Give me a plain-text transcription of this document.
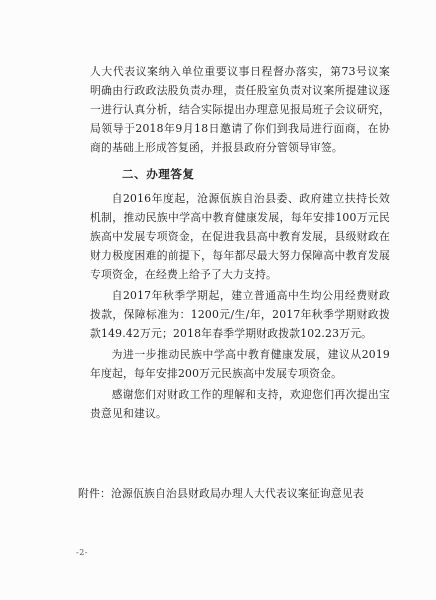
人大代表议案纳入单位重要议事日程督办落实，第73号议案明确由行政政法股负责办理，责任股室负责对议案所提建议逐一进行认真分析，结合实际提出办理意见报局班子会议研究，局领导于2018年9月18日邀请了你们到我局进行面商，在协商的基础上形成答复函，并报县政府分管领导审签。

二、办理答复

自2016年度起，沧源佤族自治县委、政府建立扶持长效机制，推动民族中学高中教育健康发展，每年安排100万元民族高中发展专项资金，在促进我县高中教育发展，县级财政在财力极度困难的前提下，每年都尽最大努力保障高中教育发展专项资金，在经费上给予了大力支持。

自2017年秋季学期起，建立普通高中生均公用经费财政拨款，保障标准为：1200元/生/年，2017年秋季学期财政拨款149.42万元；2018年春季学期财政拨款102.23万元。

为进一步推动民族中学高中教育健康发展，建议从2019年度起，每年安排200万元民族高中发展专项资金。

感谢您们对财政工作的理解和支持，欢迎您们再次提出宝贵意见和建议。

附件：沧源佤族自治县财政局办理人大代表议案征询意见表
-2-
